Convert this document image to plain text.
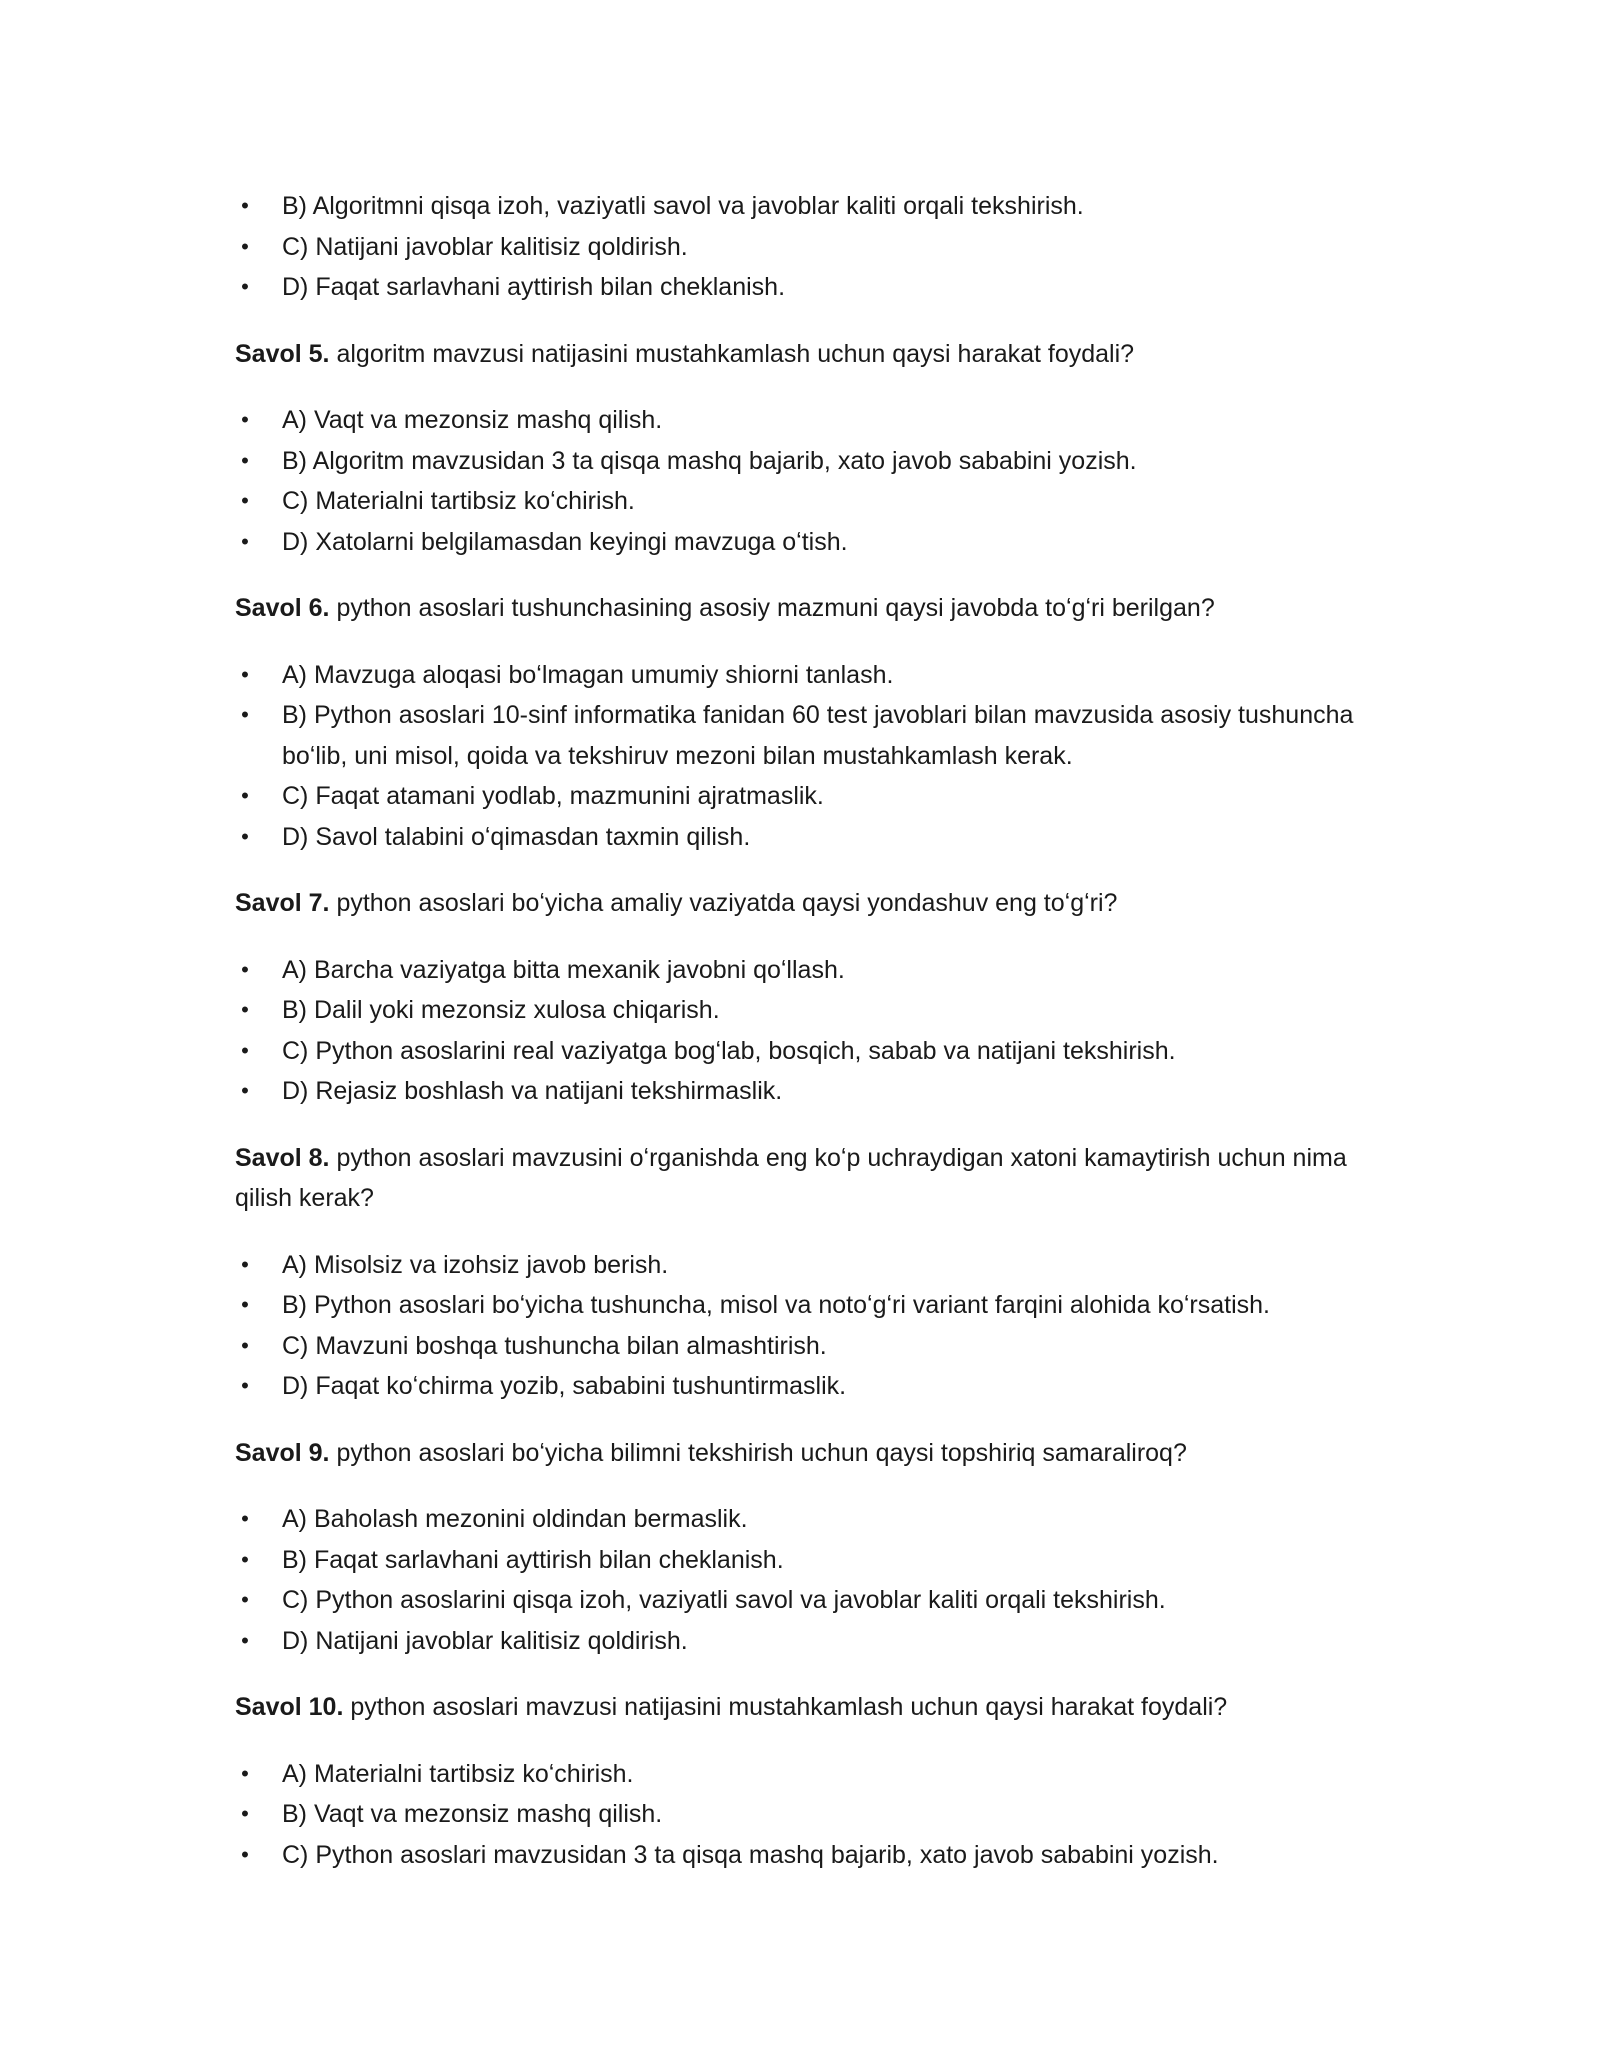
• B) Algoritmni qisqa izoh, vaziyatli savol va javoblar kaliti orqali tekshirish.
• C) Natijani javoblar kalitisiz qoldirish.
• D) Faqat sarlavhani ayttirish bilan cheklanish.

Savol 5. algoritm mavzusi natijasini mustahkamlash uchun qaysi harakat foydali?

• A) Vaqt va mezonsiz mashq qilish.
• B) Algoritm mavzusidan 3 ta qisqa mashq bajarib, xato javob sababini yozish.
• C) Materialni tartibsiz koʻchirish.
• D) Xatolarni belgilamasdan keyingi mavzuga oʻtish.

Savol 6. python asoslari tushunchasining asosiy mazmuni qaysi javobda toʻgʻri berilgan?

• A) Mavzuga aloqasi boʻlmagan umumiy shiorni tanlash.
• B) Python asoslari 10-sinf informatika fanidan 60 test javoblari bilan mavzusida asosiy tushuncha boʻlib, uni misol, qoida va tekshiruv mezoni bilan mustahkamlash kerak.
• C) Faqat atamani yodlab, mazmunini ajratmaslik.
• D) Savol talabini oʻqimasdan taxmin qilish.

Savol 7. python asoslari boʻyicha amaliy vaziyatda qaysi yondashuv eng toʻgʻri?

• A) Barcha vaziyatga bitta mexanik javobni qoʻllash.
• B) Dalil yoki mezonsiz xulosa chiqarish.
• C) Python asoslarini real vaziyatga bogʻlab, bosqich, sabab va natijani tekshirish.
• D) Rejasiz boshlash va natijani tekshirmaslik.

Savol 8. python asoslari mavzusini oʻrganishda eng koʻp uchraydigan xatoni kamaytirish uchun nima qilish kerak?

• A) Misolsiz va izohsiz javob berish.
• B) Python asoslari boʻyicha tushuncha, misol va notoʻgʻri variant farqini alohida koʻrsatish.
• C) Mavzuni boshqa tushuncha bilan almashtirish.
• D) Faqat koʻchirma yozib, sababini tushuntirmaslik.

Savol 9. python asoslari boʻyicha bilimni tekshirish uchun qaysi topshiriq samaraliroq?

• A) Baholash mezonini oldindan bermaslik.
• B) Faqat sarlavhani ayttirish bilan cheklanish.
• C) Python asoslarini qisqa izoh, vaziyatli savol va javoblar kaliti orqali tekshirish.
• D) Natijani javoblar kalitisiz qoldirish.

Savol 10. python asoslari mavzusi natijasini mustahkamlash uchun qaysi harakat foydali?

• A) Materialni tartibsiz koʻchirish.
• B) Vaqt va mezonsiz mashq qilish.
• C) Python asoslari mavzusidan 3 ta qisqa mashq bajarib, xato javob sababini yozish.
